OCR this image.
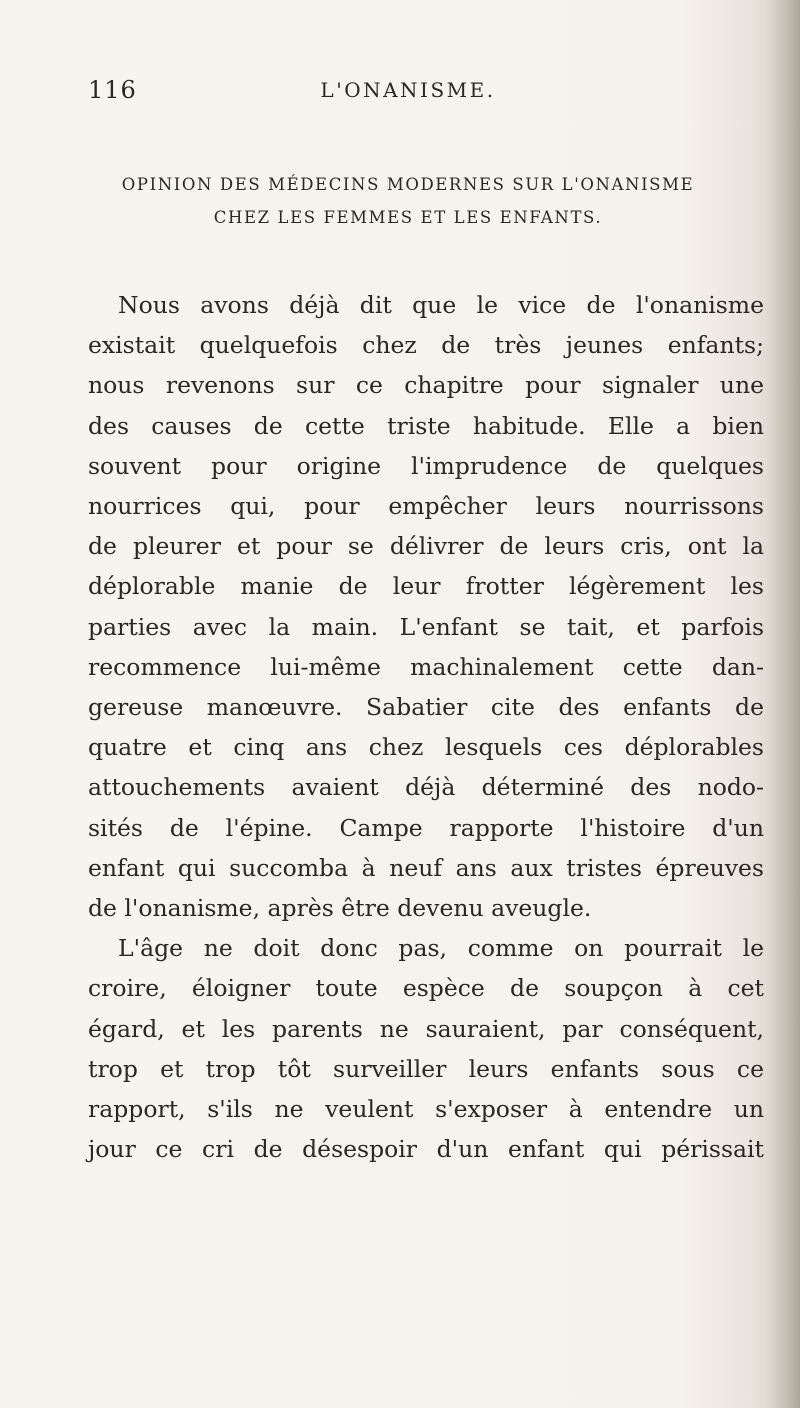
116	L'ONANISME.
OPINION DES MÉDECINS MODERNES SUR L'ONANISME
CHEZ LES FEMMES ET LES ENFANTS.
Nous avons déjà dit que le vice de l'onanisme
existait quelquefois chez de très jeunes enfants;
nous revenons sur ce chapitre pour signaler une
des causes de cette triste habitude. Elle a bien
souvent pour origine l'imprudence de quelques
nourrices qui, pour empêcher leurs nourrissons
de pleurer et pour se délivrer de leurs cris, ont la
déplorable manie de leur frotter légèrement les
parties avec la main. L'enfant se tait, et parfois
recommence lui-même machinalement cette dan-
gereuse manœuvre. Sabatier cite des enfants de
quatre et cinq ans chez lesquels ces déplorables
attouchements avaient déjà déterminé des nodo-
sités de l'épine. Campe rapporte l'histoire d'un
enfant qui succomba à neuf ans aux tristes épreuves
de l'onanisme, après être devenu aveugle.
L'âge ne doit donc pas, comme on pourrait le
croire, éloigner toute espèce de soupçon à cet
égard, et les parents ne sauraient, par conséquent,
trop et trop tôt surveiller leurs enfants sous ce
rapport, s'ils ne veulent s'exposer à entendre un
jour ce cri de désespoir d'un enfant qui périssait
